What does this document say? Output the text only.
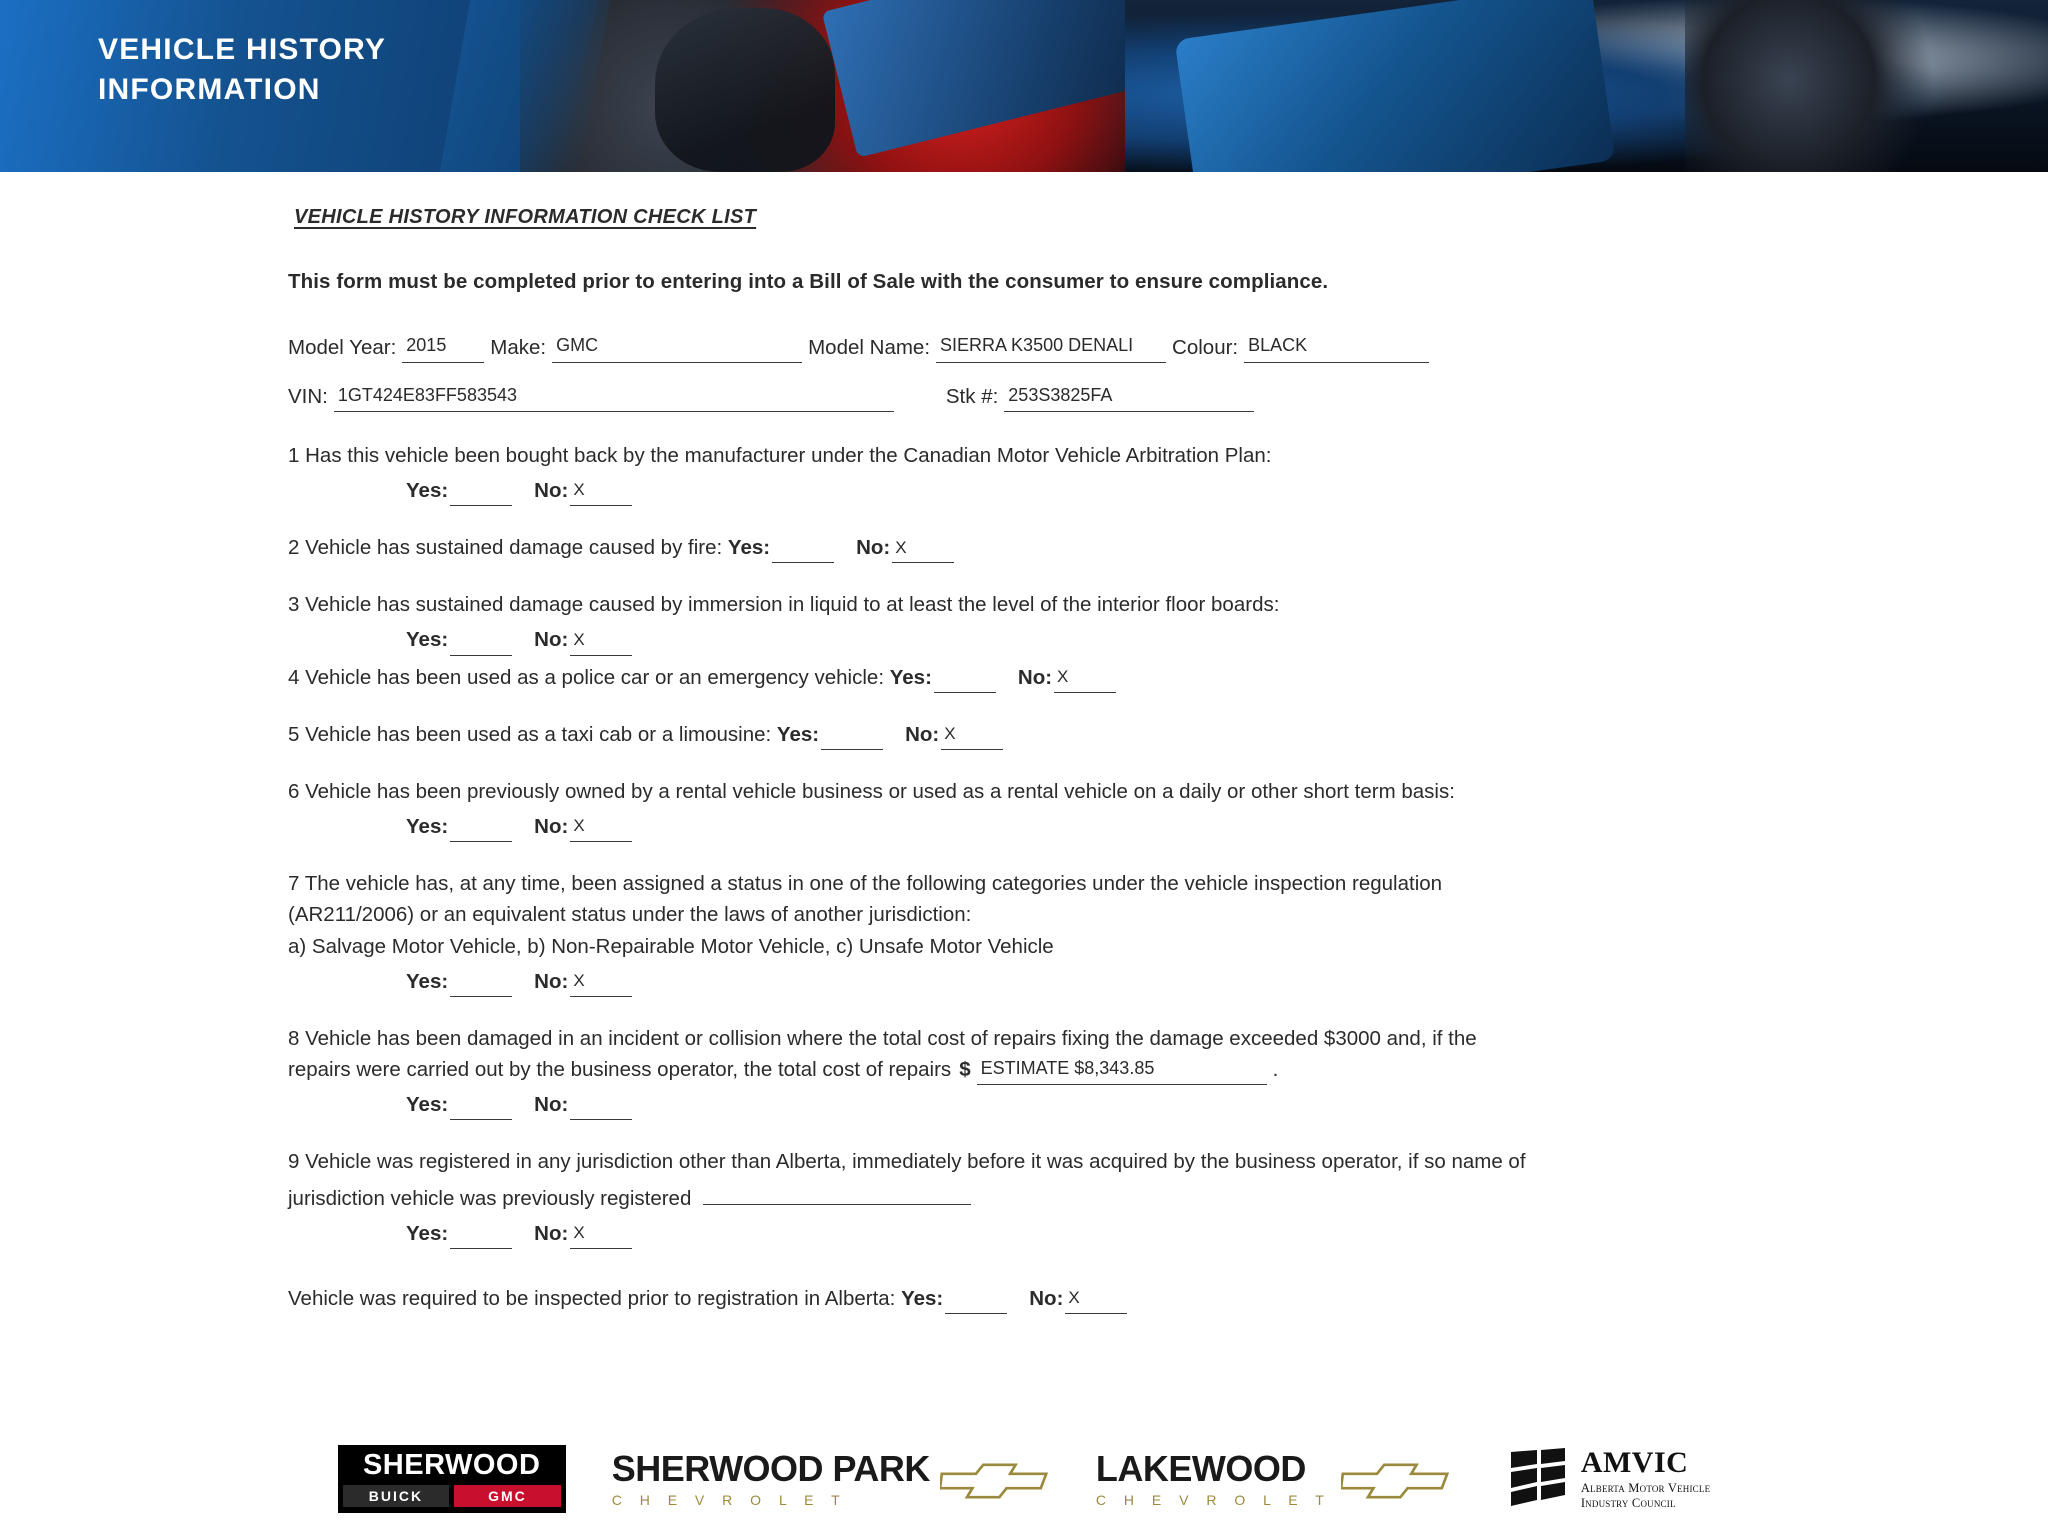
VEHICLE HISTORY
INFORMATION
VEHICLE HISTORY INFORMATION CHECK LIST
This form must be completed prior to entering into a Bill of Sale with the consumer to ensure compliance.
Model Year: 2015 Make: GMC	Model Name: SIERRA K3500 DENALI Colour: BLACK
VIN: 1GT424E83FF583543	Stk #: 253S3825FA

1 Has this vehicle been bought back by the manufacturer under the Canadian Motor Vehicle Arbitration Plan:

Yes:	No: X

2 Vehicle has sustained damage caused by fire: Yes:	No: X

3 Vehicle has sustained damage caused by immersion in liquid to at least the level of the interior floor boards:

Yes:	No: X

4 Vehicle has been used as a police car or an emergency vehicle: Yes:	No: X

5 Vehicle has been used as a taxi cab or a limousine: Yes:	No: X

6 Vehicle has been previously owned by a rental vehicle business or used as a rental vehicle on a daily or other short term basis:

Yes:	No: X

7 The vehicle has, at any time, been assigned a status in one of the following categories under the vehicle inspection regulation

(AR211/2006) or an equivalent status under the laws of another jurisdiction:

a) Salvage Motor Vehicle, b) Non-Repairable Motor Vehicle, c) Unsafe Motor Vehicle

Yes:	No: X

8 Vehicle has been damaged in an incident or collision where the total cost of repairs fixing the damage exceeded $3000 and, if the

repairs were carried out by the business operator, the total cost of repairs $ ESTIMATE $8,343.85	.

Yes:	No:

9 Vehicle was registered in any jurisdiction other than Alberta, immediately before it was acquired by the business operator, if so name of

jurisdiction vehicle was previously registered

Yes:	No: X

Vehicle was required to be inspected prior to registration in Alberta: Yes:	No: X

SHERWOOD
BUICK	GMC
SHERWOOD PARK
C H E V R O L E T
LAKEWOOD
C H E V R O L E T
AMVIC
Alberta Motor Vehicle
Industry Council
